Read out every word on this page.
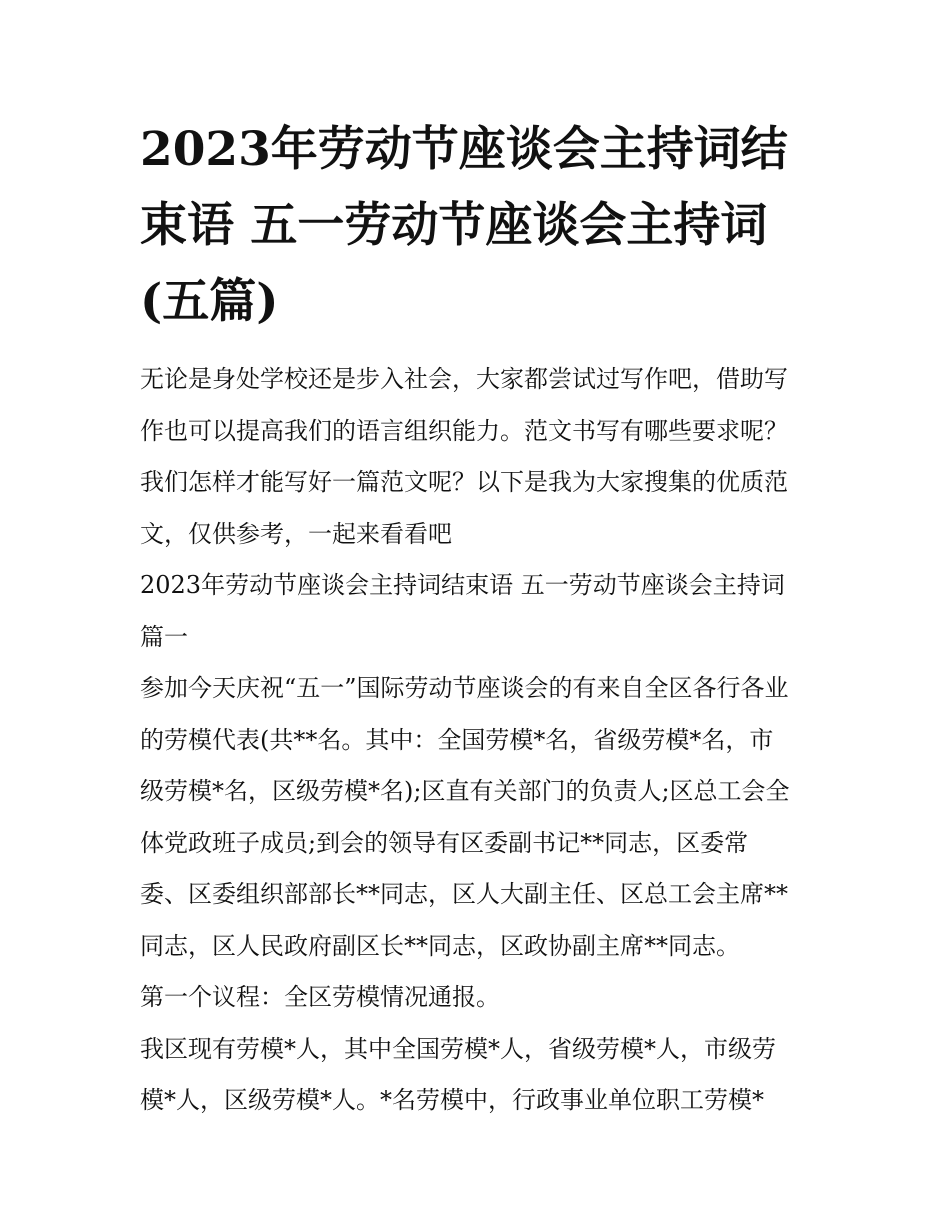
2023年劳动节座谈会主持词结
束语 五一劳动节座谈会主持词
(五篇)
无论是身处学校还是步入社会，大家都尝试过写作吧，借助写
作也可以提高我们的语言组织能力。范文书写有哪些要求呢？
我们怎样才能写好一篇范文呢？以下是我为大家搜集的优质范
文，仅供参考，一起来看看吧
2023年劳动节座谈会主持词结束语 五一劳动节座谈会主持词
篇一
参加今天庆祝“五一”国际劳动节座谈会的有来自全区各行各业
的劳模代表(共**名。其中：全国劳模*名，省级劳模*名，市
级劳模*名，区级劳模*名);区直有关部门的负责人;区总工会全
体党政班子成员;到会的领导有区委副书记**同志，区委常
委、区委组织部部长**同志，区人大副主任、区总工会主席**
同志，区人民政府副区长**同志，区政协副主席**同志。
第一个议程：全区劳模情况通报。
我区现有劳模*人，其中全国劳模*人，省级劳模*人，市级劳
模*人，区级劳模*人。*名劳模中，行政事业单位职工劳模*
